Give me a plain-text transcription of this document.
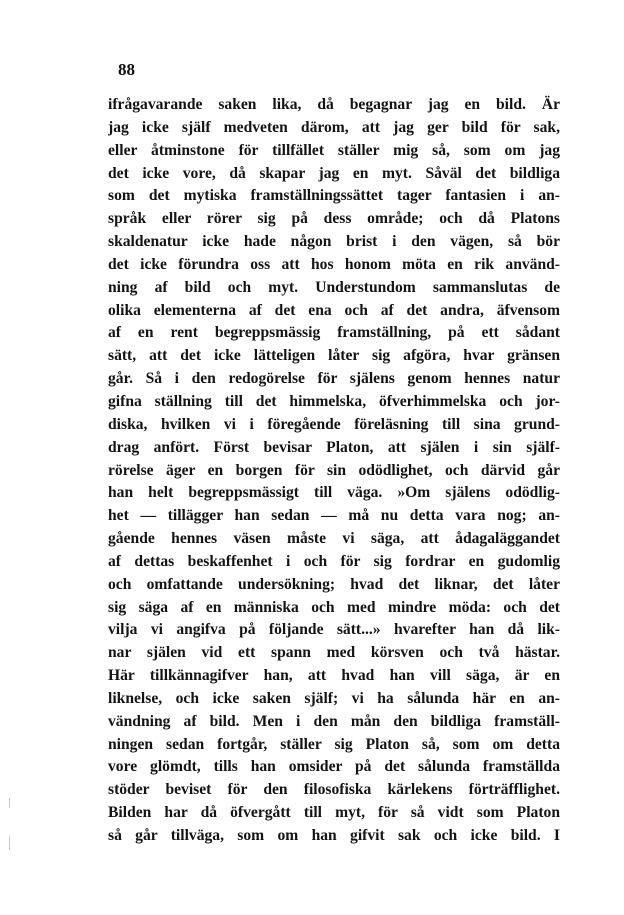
88
ifrågavarande saken lika, då begagnar jag en bild. Är
jag icke själf medveten därom, att jag ger bild för sak,
eller åtminstone för tillfället ställer mig så, som om jag
det icke vore, då skapar jag en myt. Såväl det bildliga
som det mytiska framställningssättet tager fantasien i an-
språk eller rörer sig på dess område; och då Platons
skaldenatur icke hade någon brist i den vägen, så bör
det icke förundra oss att hos honom möta en rik använd-
ning af bild och myt. Understundom sammanslutas de
olika elementerna af det ena och af det andra, äfvensom
af en rent begreppsmässig framställning, på ett sådant
sätt, att det icke lätteligen låter sig afgöra, hvar gränsen
går. Så i den redogörelse för själens genom hennes natur
gifna ställning till det himmelska, öfverhimmelska och jor-
diska, hvilken vi i föregående föreläsning till sina grund-
drag anfört. Först bevisar Platon, att själen i sin själf-
rörelse äger en borgen för sin odödlighet, och därvid går
han helt begreppsmässigt till väga. »Om själens odödlig-
het — tillägger han sedan — må nu detta vara nog; an-
gående hennes väsen måste vi säga, att ådagaläggandet
af dettas beskaffenhet i och för sig fordrar en gudomlig
och omfattande undersökning; hvad det liknar, det låter
sig säga af en människa och med mindre möda: och det
vilja vi angifva på följande sätt...» hvarefter han då lik-
nar själen vid ett spann med körsven och två hästar.
Här tillkännagifver han, att hvad han vill säga, är en
liknelse, och icke saken själf; vi ha sålunda här en an-
vändning af bild. Men i den mån den bildliga framställ-
ningen sedan fortgår, ställer sig Platon så, som om detta
vore glömdt, tills han omsider på det sålunda framställda
stöder beviset för den filosofiska kärlekens förträfflighet.
Bilden har då öfvergått till myt, för så vidt som Platon
så går tillväga, som om han gifvit sak och icke bild. I
